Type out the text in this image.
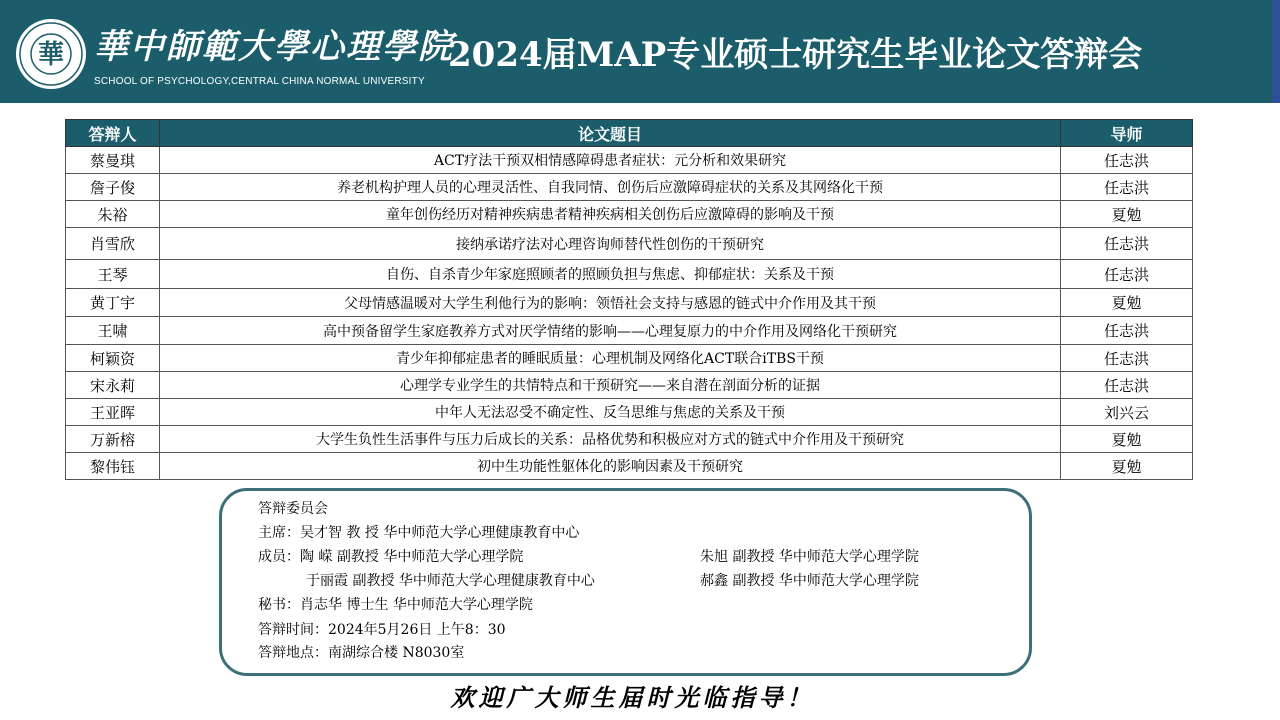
華 華中師範大學心理學院
SCHOOL OF PSYCHOLOGY,CENTRAL CHINA NORMAL UNIVERSITY
2024届MAP专业硕士研究生毕业论文答辩会
答辩人	论文题目	导师
蔡曼琪	ACT疗法干预双相情感障碍患者症状：元分析和效果研究	任志洪
詹子俊	养老机构护理人员的心理灵活性、自我同情、创伤后应激障碍症状的关系及其网络化干预	任志洪
朱裕	童年创伤经历对精神疾病患者精神疾病相关创伤后应激障碍的影响及干预	夏勉
肖雪欣	接纳承诺疗法对心理咨询师替代性创伤的干预研究	任志洪
王琴	自伤、自杀青少年家庭照顾者的照顾负担与焦虑、抑郁症状：关系及干预	任志洪
黄丁宇	父母情感温暖对大学生利他行为的影响：领悟社会支持与感恩的链式中介作用及其干预	夏勉
王啸	高中预备留学生家庭教养方式对厌学情绪的影响——心理复原力的中介作用及网络化干预研究	任志洪
柯颖资	青少年抑郁症患者的睡眠质量：心理机制及网络化ACT联合iTBS干预	任志洪
宋永莉	心理学专业学生的共情特点和干预研究——来自潜在剖面分析的证据	任志洪
王亚晖	中年人无法忍受不确定性、反刍思维与焦虑的关系及干预	刘兴云
万新榕	大学生负性生活事件与压力后成长的关系：品格优势和积极应对方式的链式中介作用及干预研究	夏勉
黎伟钰	初中生功能性躯体化的影响因素及干预研究	夏勉
答辩委员会
主席：吴才智 教 授 华中师范大学心理健康教育中心
成员：陶 嵘 副教授 华中师范大学心理学院	朱旭 副教授 华中师范大学心理学院
于丽霞 副教授 华中师范大学心理健康教育中心	郝鑫 副教授 华中师范大学心理学院
秘书：肖志华 博士生 华中师范大学心理学院
答辩时间：2024年5月26日 上午8：30
答辩地点：南湖综合楼 N8030室
欢迎广大师生届时光临指导！
